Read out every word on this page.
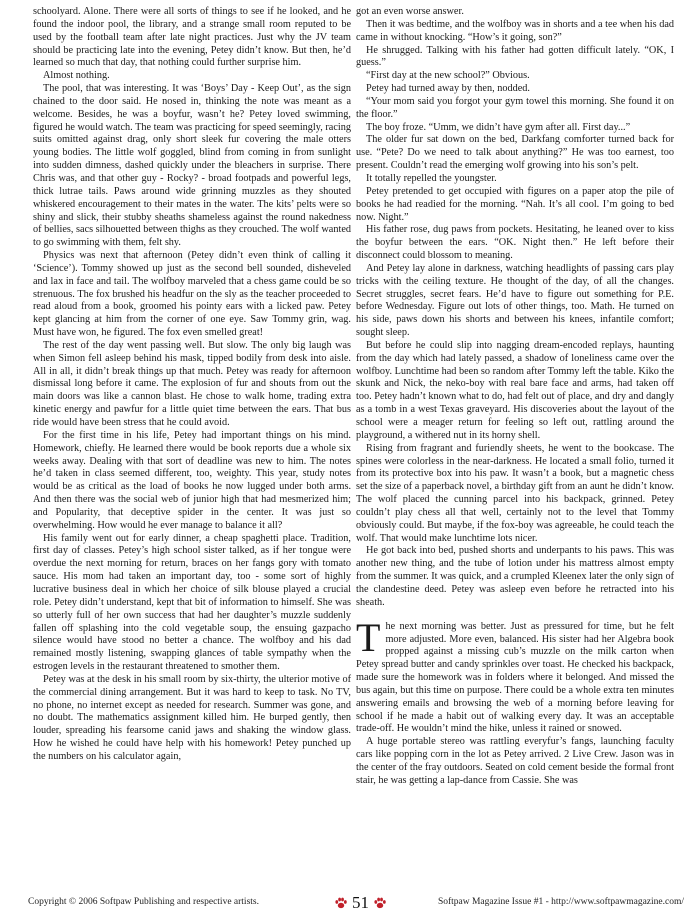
schoolyard. Alone. There were all sorts of things to see if he looked, and he found the indoor pool, the library, and a strange small room reputed to be used by the football team after late night practices. Just why the JV team should be practicing late into the evening, Petey didn’t know. But then, he’d learned so much that day, that nothing could further surprise him.

Almost nothing.

The pool, that was interesting. It was ‘Boys’ Day - Keep Out’, as the sign chained to the door said. He nosed in, thinking the note was meant as a welcome. Besides, he was a boyfur, wasn’t he? Petey loved swimming, figured he would watch. The team was practicing for speed seemingly, racing suits omitted against drag, only short sleek fur covering the male otters young bodies. The little wolf goggled, blind from coming in from sunlight into sudden dimness, dashed quickly under the bleachers in surprise. There Chris was, and that other guy - Rocky? - broad footpads and powerful legs, thick lutrae tails. Paws around wide grinning muzzles as they shouted whiskered encouragement to their mates in the water. The kits’ pelts were so shiny and slick, their stubby sheaths shameless against the round nakedness of bellies, sacs silhouetted between thighs as they crouched. The wolf wanted to go swimming with them, felt shy.

Physics was next that afternoon (Petey didn’t even think of calling it ‘Science’). Tommy showed up just as the second bell sounded, disheveled and lax in face and tail. The wolfboy marveled that a chess game could be so strenuous. The fox brushed his headfur on the sly as the teacher proceeded to read aloud from a book, groomed his pointy ears with a licked paw. Petey kept glancing at him from the corner of one eye. Saw Tommy grin, wag. Must have won, he figured. The fox even smelled great!

The rest of the day went passing well. But slow. The only big laugh was when Simon fell asleep behind his mask, tipped bodily from desk into aisle. All in all, it didn’t break things up that much. Petey was ready for afternoon dismissal long before it came. The explosion of fur and shouts from out the main doors was like a cannon blast. He chose to walk home, trading extra kinetic energy and pawfur for a little quiet time between the ears. That bus ride would have been stress that he could avoid.

For the first time in his life, Petey had important things on his mind. Homework, chiefly. He learned there would be book reports due a whole six weeks away. Dealing with that sort of deadline was new to him. The notes he’d taken in class seemed different, too, weighty. This year, study notes would be as critical as the load of books he now lugged under both arms. And then there was the social web of junior high that had mesmerized him; and Popularity, that deceptive spider in the center. It was just so overwhelming. How would he ever manage to balance it all?

His family went out for early dinner, a cheap spaghetti place. Tradition, first day of classes. Petey’s high school sister talked, as if her tongue were overdue the next morning for return, braces on her fangs gory with tomato sauce. His mom had taken an important day, too - some sort of highly lucrative business deal in which her choice of silk blouse played a crucial role. Petey didn’t understand, kept that bit of information to himself. She was so utterly full of her own success that had her daughter’s muzzle suddenly fallen off splashing into the cold vegetable soup, the ensuing gazpacho silence would have stood no better a chance. The wolfboy and his dad remained mostly listening, swapping glances of table sympathy when the estrogen levels in the restaurant threatened to smother them.

Petey was at the desk in his small room by six-thirty, the ulterior motive of the commercial dining arrangement. But it was hard to keep to task. No TV, no phone, no internet except as needed for research. Summer was gone, and no doubt. The mathematics assignment killed him. He burped gently, then louder, spreading his fearsome canid jaws and shaking the window glass. How he wished he could have help with his homework! Petey punched up the numbers on his calculator again,

got an even worse answer.

Then it was bedtime, and the wolfboy was in shorts and a tee when his dad came in without knocking. “How’s it going, son?”

He shrugged. Talking with his father had gotten difficult lately. “OK, I guess.”

“First day at the new school?” Obvious.

Petey had turned away by then, nodded.

“Your mom said you forgot your gym towel this morning. She found it on the floor.”

The boy froze. “Umm, we didn’t have gym after all. First day...”

The older fur sat down on the bed, Darkfang comforter turned back for use. “Pete? Do we need to talk about anything?” He was too earnest, too present. Couldn’t read the emerging wolf growing into his son’s pelt.

It totally repelled the youngster.

Petey pretended to get occupied with figures on a paper atop the pile of books he had readied for the morning. “Nah. It’s all cool. I’m going to bed now. Night.”

His father rose, dug paws from pockets. Hesitating, he leaned over to kiss the boyfur between the ears. “OK. Night then.” He left before their disconnect could blossom to meaning.

And Petey lay alone in darkness, watching headlights of passing cars play tricks with the ceiling texture. He thought of the day, of all the changes. Secret struggles, secret fears. He’d have to figure out something for P.E. before Wednesday. Figure out lots of other things, too. Math. He turned on his side, paws down his shorts and between his knees, infantile comfort; sought sleep.

But before he could slip into nagging dream-encoded replays, haunting from the day which had lately passed, a shadow of loneliness came over the wolfboy. Lunchtime had been so random after Tommy left the table. Kiko the skunk and Nick, the neko-boy with real bare face and arms, had taken off too. Petey hadn’t known what to do, had felt out of place, and dry and dangly as a tomb in a west Texas graveyard. His discoveries about the layout of the school were a meager return for feeling so left out, rattling around the playground, a withered nut in its horny shell.

Rising from fragrant and furiendly sheets, he went to the bookcase. The spines were colorless in the near-darkness. He located a small folio, turned it from its protective box into his paw. It wasn’t a book, but a magnetic chess set the size of a paperback novel, a birthday gift from an aunt he didn’t know. The wolf placed the cunning parcel into his backpack, grinned. Petey couldn’t play chess all that well, certainly not to the level that Tommy obviously could. But maybe, if the fox-boy was agreeable, he could teach the wolf. That would make lunchtime lots nicer.

He got back into bed, pushed shorts and underpants to his paws. This was another new thing, and the tube of lotion under his mattress almost empty from the summer. It was quick, and a crumpled Kleenex later the only sign of the clandestine deed. Petey was asleep even before he retracted into his sheath.

The next morning was better. Just as pressured for time, but he felt more adjusted. More even, balanced. His sister had her Algebra book propped against a missing cub’s muzzle on the milk carton when Petey spread butter and candy sprinkles over toast. He checked his backpack, made sure the homework was in folders where it belonged. And missed the bus again, but this time on purpose. There could be a whole extra ten minutes answering emails and browsing the web of a morning before leaving for school if he made a habit out of walking every day. It was an acceptable trade-off. He wouldn’t mind the hike, unless it rained or snowed.

A huge portable stereo was rattling everyfur’s fangs, launching faculty cars like popping corn in the lot as Petey arrived. 2 Live Crew. Jason was in the center of the fray outdoors. Seated on cold cement beside the formal front stair, he was getting a lap-dance from Cassie. She was

Copyright © 2006 Softpaw Publishing and respective artists.	51	Softpaw Magazine Issue #1 - http://www.softpawmagazine.com/
